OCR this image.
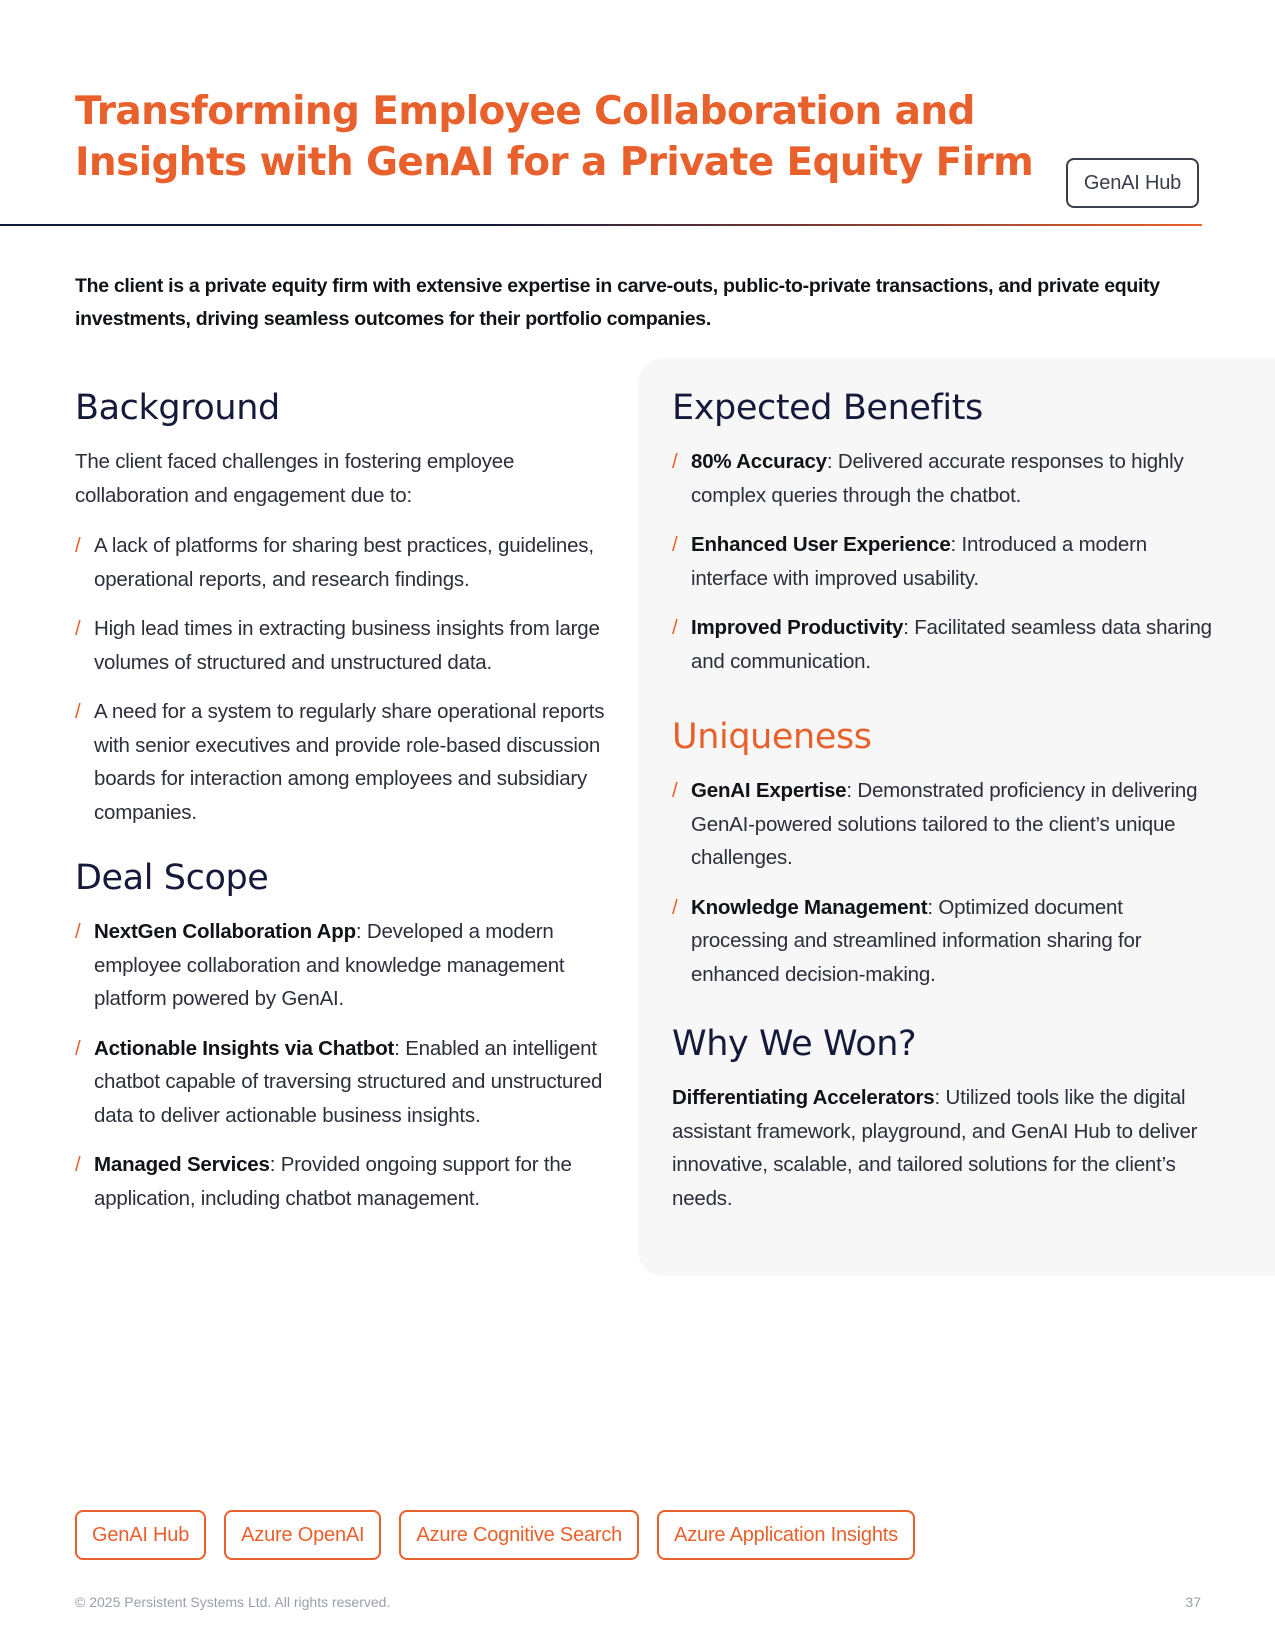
Transforming Employee Collaboration and Insights with GenAI for a Private Equity Firm	GenAI Hub

The client is a private equity firm with extensive expertise in carve-outs, public-to-private transactions, and private equity investments, driving seamless outcomes for their portfolio companies.

Background

The client faced challenges in fostering employee collaboration and engagement due to:

/ A lack of platforms for sharing best practices, guidelines, operational reports, and research findings.
/ High lead times in extracting business insights from large volumes of structured and unstructured data.
/ A need for a system to regularly share operational reports with senior executives and provide role-based discussion boards for interaction among employees and subsidiary companies.
Deal Scope
/ NextGen Collaboration App: Developed a modern employee collaboration and knowledge management platform powered by GenAI.
/ Actionable Insights via Chatbot: Enabled an intelligent chatbot capable of traversing structured and unstructured data to deliver actionable business insights.
/ Managed Services: Provided ongoing support for the application, including chatbot management.
Expected Benefits
/ 80% Accuracy: Delivered accurate responses to highly complex queries through the chatbot.
/ Enhanced User Experience: Introduced a modern interface with improved usability.
/ Improved Productivity: Facilitated seamless data sharing and communication.
Uniqueness
/ GenAI Expertise: Demonstrated proficiency in delivering GenAI-powered solutions tailored to the client’s unique challenges.
/ Knowledge Management: Optimized document processing and streamlined information sharing for enhanced decision-making.
Why We Won?

Differentiating Accelerators: Utilized tools like the digital assistant framework, playground, and GenAI Hub to deliver innovative, scalable, and tailored solutions for the client’s needs.

GenAI Hub	Azure OpenAI	Azure Cognitive Search	Azure Application Insights
© 2025 Persistent Systems Ltd. All rights reserved.	37
